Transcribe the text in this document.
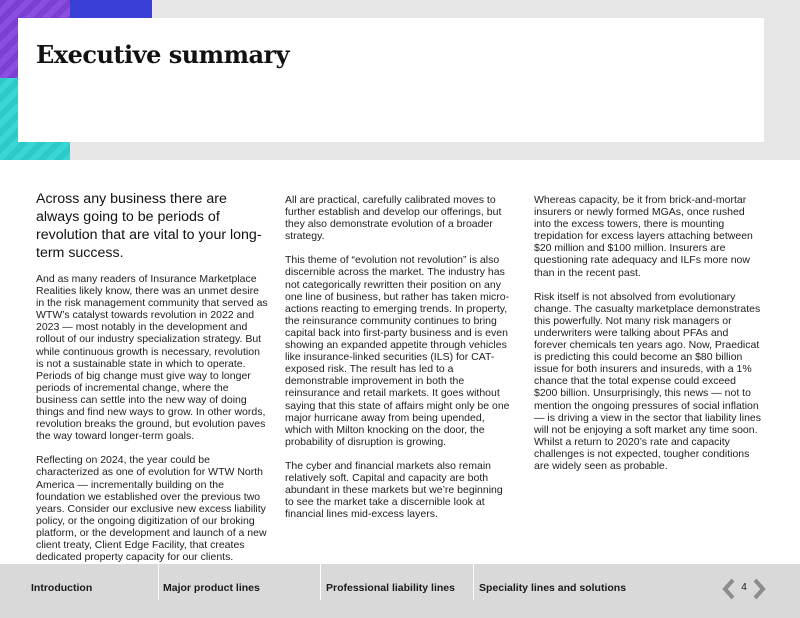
Executive summary
Across any business there are always going to be periods of revolution that are vital to your long-term success.

And as many readers of Insurance Marketplace Realities likely know, there was an unmet desire in the risk management community that served as WTW’s catalyst towards revolution in 2022 and 2023 — most notably in the development and rollout of our industry specialization strategy. But while continuous growth is necessary, revolution is not a sustainable state in which to operate. Periods of big change must give way to longer periods of incremental change, where the business can settle into the new way of doing things and find new ways to grow. In other words, revolution breaks the ground, but evolution paves the way toward longer-term goals.

Reflecting on 2024, the year could be characterized as one of evolution for WTW North America — incrementally building on the foundation we established over the previous two years. Consider our exclusive new excess liability policy, or the ongoing digitization of our broking platform, or the development and launch of a new client treaty, Client Edge Facility, that creates dedicated property capacity for our clients.

All are practical, carefully calibrated moves to further establish and develop our offerings, but they also demonstrate evolution of a broader strategy.

This theme of “evolution not revolution” is also discernible across the market. The industry has not categorically rewritten their position on any one line of business, but rather has taken micro-actions reacting to emerging trends. In property, the reinsurance community continues to bring capital back into first-party business and is even showing an expanded appetite through vehicles like insurance-linked securities (ILS) for CAT-exposed risk. The result has led to a demonstrable improvement in both the reinsurance and retail markets. It goes without saying that this state of affairs might only be one major hurricane away from being upended, which with Milton knocking on the door, the probability of disruption is growing.

The cyber and financial markets also remain relatively soft. Capital and capacity are both abundant in these markets but we’re beginning to see the market take a discernible look at financial lines mid-excess layers.

Whereas capacity, be it from brick-and-mortar insurers or newly formed MGAs, once rushed into the excess towers, there is mounting trepidation for excess layers attaching between $20 million and $100 million. Insurers are questioning rate adequacy and ILFs more now than in the recent past.

Risk itself is not absolved from evolutionary change. The casualty marketplace demonstrates this powerfully. Not many risk managers or underwriters were talking about PFAs and forever chemicals ten years ago. Now, Praedicat is predicting this could become an $80 billion issue for both insurers and insureds, with a 1% chance that the total expense could exceed $200 billion. Unsurprisingly, this news — not to mention the ongoing pressures of social inflation — is driving a view in the sector that liability lines will not be enjoying a soft market any time soon. Whilst a return to 2020’s rate and capacity challenges is not expected, tougher conditions are widely seen as probable.

Introduction	Major product lines	Professional liability lines Speciality lines and solutions	4
